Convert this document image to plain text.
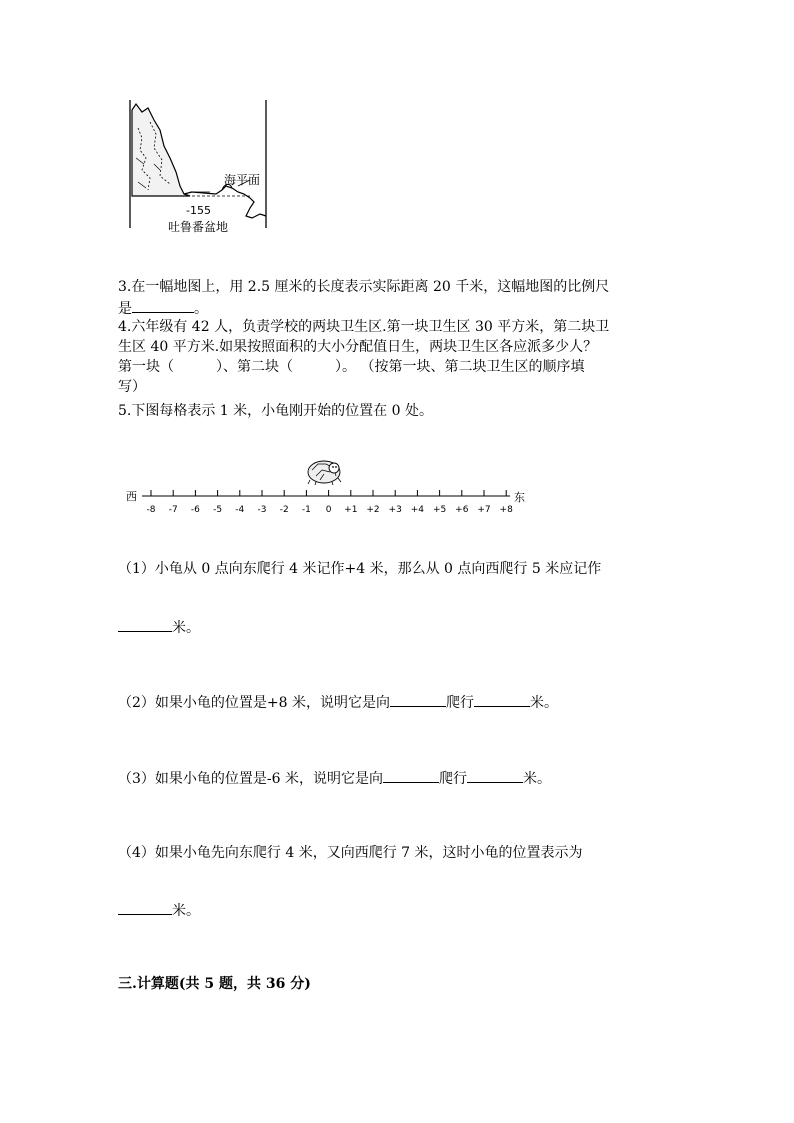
海平面
-155
吐鲁番盆地
3.在一幅地图上，用 2.5 厘米的长度表示实际距离 20 千米，这幅地图的比例尺
是	。
4.六年级有 42 人，负责学校的两块卫生区.第一块卫生区 30 平方米，第二块卫
生区 40 平方米.如果按照面积的大小分配值日生，两块卫生区各应派多少人？
第一块（　　　）、第二块（　　　）。 （按第一块、第二块卫生区的顺序填
写）
5.下图每格表示 1 米，小龟刚开始的位置在 0 处。
西	东
-8 -7 -6 -5 -4 -3 -2 -1 0 +1 +2 +3 +4 +5 +6 +7 +8
（1）小龟从 0 点向东爬行 4 米记作+4 米，那么从 0 点向西爬行 5 米应记作
米。
（2）如果小龟的位置是+8 米，说明它是向	爬行	米。
（3）如果小龟的位置是-6 米，说明它是向	爬行	米。
（4）如果小龟先向东爬行 4 米，又向西爬行 7 米，这时小龟的位置表示为
米。
三.计算题(共 5 题，共 36 分)
